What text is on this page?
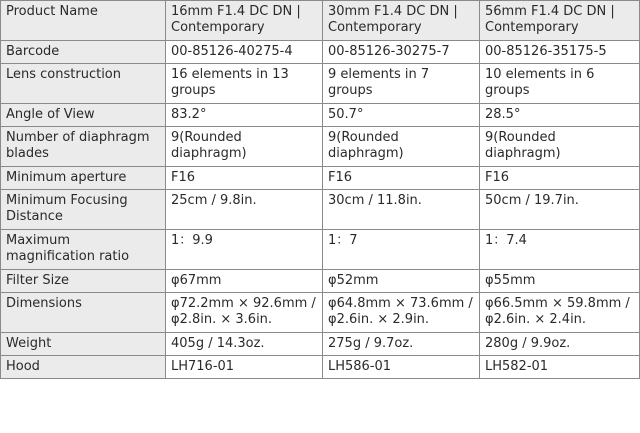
Product Name	16mm F1.4 DC DN | Contemporary	30mm F1.4 DC DN | Contemporary	56mm F1.4 DC DN | Contemporary
Barcode	00-85126-40275-4	00-85126-30275-7	00-85126-35175-5
Lens construction	16 elements in 13 groups	9 elements in 7 groups	10 elements in 6 groups
Angle of View	83.2°	50.7°	28.5°
Number of diaphragm blades	9(Rounded diaphragm)	9(Rounded diaphragm)	9(Rounded diaphragm)
Minimum aperture	F16	F16	F16
Minimum Focusing Distance	25cm / 9.8in.	30cm / 11.8in.	50cm / 19.7in.
Maximum magnification ratio	1：9.9	1：7	1：7.4
Filter Size	φ67mm	φ52mm	φ55mm
Dimensions	φ72.2mm × 92.6mm / φ2.8in. × 3.6in.	φ64.8mm × 73.6mm / φ2.6in. × 2.9in.	φ66.5mm × 59.8mm / φ2.6in. × 2.4in.
Weight	405g / 14.3oz.	275g / 9.7oz.	280g / 9.9oz.
Hood	LH716-01	LH586-01	LH582-01
